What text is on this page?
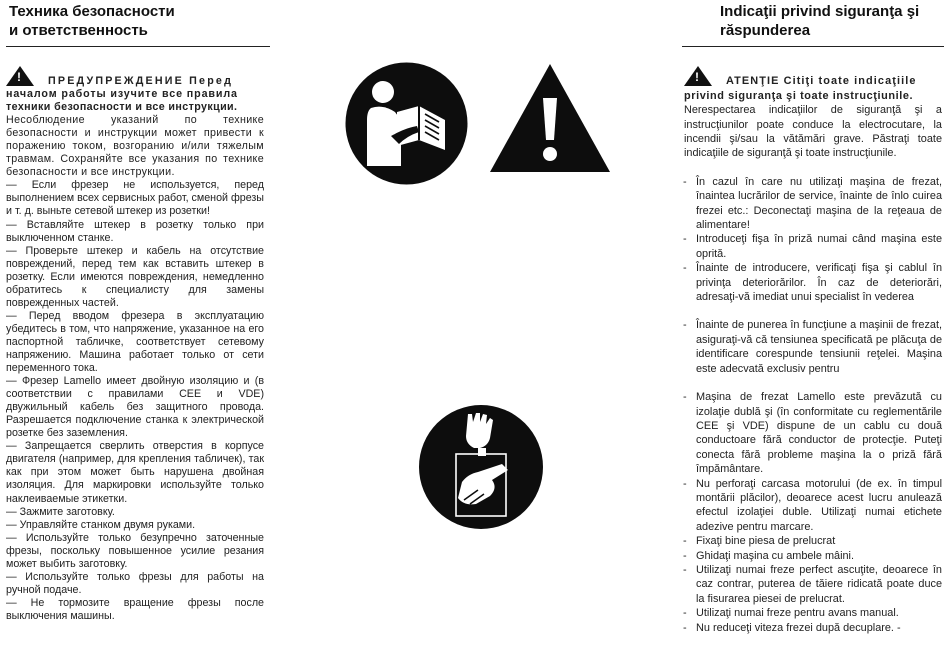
Техника безопасности
и ответственность
Indicaţii privind siguranţa şi
răspunderea
!	ПРЕДУПРЕЖДЕНИЕ Перед
началом работы изучите все правила
техники безопасности и все инструкции.
Несоблюдение указаний по технике безопасности и инструкции может привести к поражению током, возгоранию и/или тяжелым травмам. Сохраняйте все указания по технике безопасности и все инструкции.
— Если фрезер не используется, перед выполнением всех сервисных работ, сменой фрезы и т. д. выньте сетевой штекер из розетки!
— Вставляйте штекер в розетку только при выключенном станке.
— Проверьте штекер и кабель на отсутствие повреждений, перед тем как вставить штекер в розетку. Если имеются повреждения, немедленно обратитесь к специалисту для замены поврежденных частей.
— Перед вводом фрезера в эксплуатацию убедитесь в том, что напряжение, указанное на его паспортной табличке, соответствует сетевому напряжению. Машина работает только от сети переменного тока.
— Фрезер Lamello имеет двойную изоляцию и (в соответствии с правилами CEE и VDE) двужильный кабель без защитного провода. Разрешается подключение станка к электрической розетке без заземления.
— Запрещается сверлить отверстия в корпусе двигателя (например, для крепления табличек), так как при этом может быть нарушена двойная изоляция. Для маркировки используйте только наклеиваемые этикетки.
— Зажмите заготовку.
— Управляйте станком двумя руками.
— Используйте только безупречно заточенные фрезы, поскольку повышенное усилие резания может выбить заготовку.
— Используйте только фрезы для работы на ручной подаче.
— Не тормозите вращение фрезы после выключения машины.
! ATENŢIE Citiţi toate indicaţiile
privind siguranţa şi toate instrucţiunile.
Nerespectarea indicaţiilor de siguranţă şi a instrucţiunilor poate conduce la electrocutare, la incendii şi/sau la vătămări grave. Păstraţi toate indicaţiile de siguranţă şi toate instrucţiunile.
- În cazul în care nu utilizaţi maşina de frezat, înaintea lucrărilor de service, înainte de înlo cuirea frezei etc.: Deconectaţi maşina de la reţeaua de alimentare!
- Introduceţi fişa în priză numai când maşina este oprită.
- Înainte de introducere, verificaţi fişa şi cablul în privinţa deteriorărilor. În caz de deteriorări, adresaţi-vă imediat unui specialist în vederea
- Înainte de punerea în funcţiune a maşinii de frezat, asiguraţi-vă că tensiunea specificată pe plăcuţa de identificare corespunde tensiunii reţelei. Maşina este adecvată exclusiv pentru
- Maşina de frezat Lamello este prevăzută cu izolaţie dublă şi (în conformitate cu reglementările CEE şi VDE) dispune de un cablu cu două conductoare fără conductor de protecţie. Puteţi conecta fără probleme maşina la o priză fără împământare.
- Nu perforaţi carcasa motorului (de ex. în timpul montării plăcilor), deoarece acest lucru anulează efectul izolaţiei duble. Utilizaţi numai etichete adezive pentru marcare.
- Fixaţi bine piesa de prelucrat
- Ghidaţi maşina cu ambele mâini.
- Utilizaţi numai freze perfect ascuţite, deoarece în caz contrar, puterea de tăiere ridicată poate duce la fisurarea piesei de prelucrat.
- Utilizaţi numai freze pentru avans manual.
- Nu reduceţi viteza frezei după decuplare. -
